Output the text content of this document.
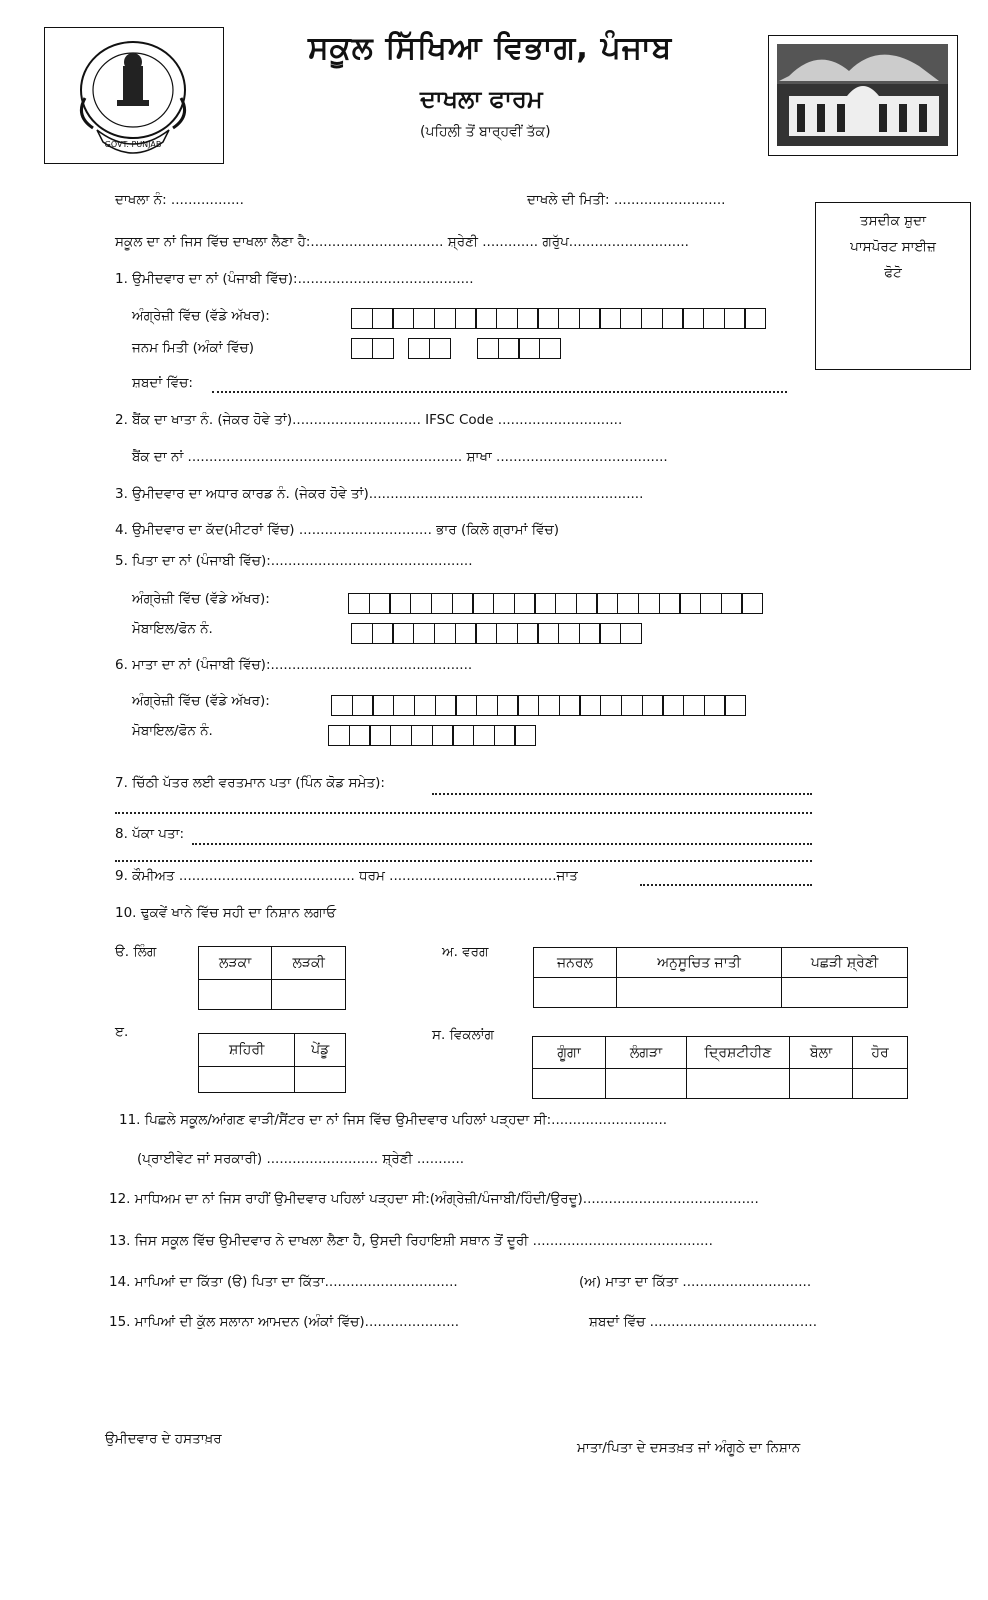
GOVT. PUNJAB
ਸਕੂਲ ਸਿੱਖਿਆ ਵਿਭਾਗ, ਪੰਜਾਬ
ਦਾਖਲਾ ਫਾਰਮ
(ਪਹਿਲੀ ਤੋਂ ਬਾਰ੍ਹਵੀਂ ਤੱਕ)
ਤਸਦੀਕ ਸ਼ੁਦਾ
ਪਾਸਪੋਰਟ ਸਾਈਜ਼
ਫੋਟੋ
ਦਾਖਲਾ ਨੰ: .................	ਦਾਖਲੇ ਦੀ ਮਿਤੀ: ..........................
ਸਕੂਲ ਦਾ ਨਾਂ ਜਿਸ ਵਿੱਚ ਦਾਖਲਾ ਲੈਣਾ ਹੈ:............................... ਸ਼੍ਰੇਣੀ ............. ਗਰੁੱਪ............................
1. ਉਮੀਦਵਾਰ ਦਾ ਨਾਂ (ਪੰਜਾਬੀ ਵਿੱਚ):.........................................
ਅੰਗ੍ਰੇਜ਼ੀ ਵਿੱਚ (ਵੱਡੇ ਅੱਖਰ):
ਜਨਮ ਮਿਤੀ (ਅੰਕਾਂ ਵਿੱਚ)
ਸ਼ਬਦਾਂ ਵਿੱਚ:
2. ਬੈਂਕ ਦਾ ਖਾਤਾ ਨੰ. (ਜੇਕਰ ਹੋਵੇ ਤਾਂ).............................. IFSC Code .............................
ਬੈਂਕ ਦਾ ਨਾਂ ................................................................ ਸ਼ਾਖਾ ........................................
3. ਉਮੀਦਵਾਰ ਦਾ ਅਧਾਰ ਕਾਰਡ ਨੰ. (ਜੇਕਰ ਹੋਵੇ ਤਾਂ)................................................................
4. ਉਮੀਦਵਾਰ ਦਾ ਕੱਦ(ਮੀਟਰਾਂ ਵਿੱਚ) ............................... ਭਾਰ (ਕਿਲੋ ਗ੍ਰਾਮਾਂ ਵਿੱਚ)
5. ਪਿਤਾ ਦਾ ਨਾਂ (ਪੰਜਾਬੀ ਵਿੱਚ):...............................................
ਅੰਗ੍ਰੇਜ਼ੀ ਵਿੱਚ (ਵੱਡੇ ਅੱਖਰ):
ਮੋਬਾਇਲ/ਫੋਨ ਨੰ.
6. ਮਾਤਾ ਦਾ ਨਾਂ (ਪੰਜਾਬੀ ਵਿੱਚ):...............................................
ਅੰਗ੍ਰੇਜ਼ੀ ਵਿੱਚ (ਵੱਡੇ ਅੱਖਰ):
ਮੋਬਾਇਲ/ਫੋਨ ਨੰ.
7. ਚਿੱਠੀ ਪੱਤਰ ਲਈ ਵਰਤਮਾਨ ਪਤਾ (ਪਿੰਨ ਕੋਡ ਸਮੇਤ):
8. ਪੱਕਾ ਪਤਾ:
9. ਕੌਮੀਅਤ ......................................... ਧਰਮ .......................................ਜਾਤ
10. ਢੁਕਵੇਂ ਖਾਨੇ ਵਿੱਚ ਸਹੀ ਦਾ ਨਿਸ਼ਾਨ ਲਗਾਓ
ੳ. ਲਿੰਗ
ਲੜਕਾ	ਲੜਕੀ

ਅ. ਵਰਗ
ਜਨਰਲ	ਅਨੁਸੂਚਿਤ ਜਾਤੀ	ਪਛੜੀ ਸ਼੍ਰੇਣੀ

ੲ.
ਸ਼ਹਿਰੀ	ਪੇਂਡੂ

ਸ. ਵਿਕਲਾਂਗ
ਗੂੰਗਾ	ਲੰਗੜਾ	ਦ੍ਰਿਸ਼ਟੀਹੀਣ	ਬੋਲਾ	ਹੋਰ

11. ਪਿਛਲੇ ਸਕੂਲ/ਆਂਗਣ ਵਾੜੀ/ਸੈਂਟਰ ਦਾ ਨਾਂ ਜਿਸ ਵਿੱਚ ਉਮੀਦਵਾਰ ਪਹਿਲਾਂ ਪੜ੍ਹਦਾ ਸੀ:...........................
(ਪ੍ਰਾਈਵੇਟ ਜਾਂ ਸਰਕਾਰੀ) .......................... ਸ਼੍ਰੇਣੀ ...........
12. ਮਾਧਿਅਮ ਦਾ ਨਾਂ ਜਿਸ ਰਾਹੀਂ ਉਮੀਦਵਾਰ ਪਹਿਲਾਂ ਪੜ੍ਹਦਾ ਸੀ:(ਅੰਗ੍ਰੇਜ਼ੀ/ਪੰਜਾਬੀ/ਹਿੰਦੀ/ਉਰਦੂ).........................................
13. ਜਿਸ ਸਕੂਲ ਵਿੱਚ ਉਮੀਦਵਾਰ ਨੇ ਦਾਖਲਾ ਲੈਣਾ ਹੈ, ਉਸਦੀ ਰਿਹਾਇਸ਼ੀ ਸਥਾਨ ਤੋਂ ਦੂਰੀ ..........................................
14. ਮਾਪਿਆਂ ਦਾ ਕਿੱਤਾ (ੳ) ਪਿਤਾ ਦਾ ਕਿੱਤਾ...............................	(ਅ) ਮਾਤਾ ਦਾ ਕਿੱਤਾ ..............................
15. ਮਾਪਿਆਂ ਦੀ ਕੁੱਲ ਸਲਾਨਾ ਆਮਦਨ (ਅੰਕਾਂ ਵਿੱਚ)......................	ਸ਼ਬਦਾਂ ਵਿੱਚ .......................................
ਉਮੀਦਵਾਰ ਦੇ ਹਸਤਾਖ਼ਰ
ਮਾਤਾ/ਪਿਤਾ ਦੇ ਦਸਤਖ਼ਤ ਜਾਂ ਅੰਗੂਠੇ ਦਾ ਨਿਸ਼ਾਨ
